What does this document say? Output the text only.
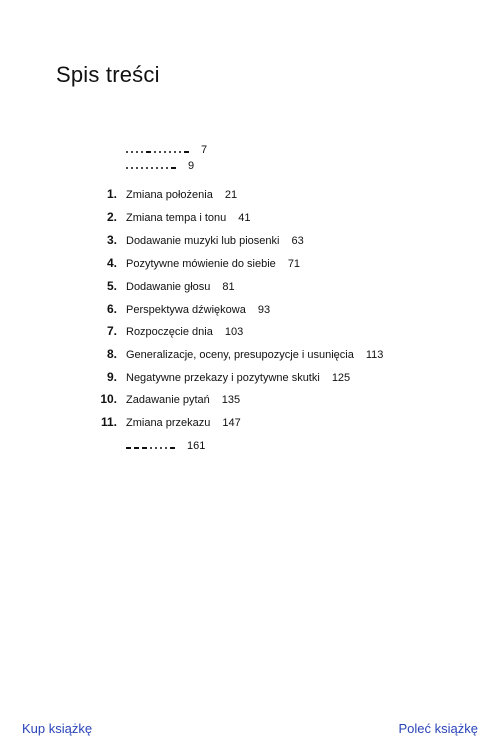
Spis treści
7
9
1. Zmiana położenia 21
2. Zmiana tempa i tonu 41
3. Dodawanie muzyki lub piosenki 63
4. Pozytywne mówienie do siebie 71
5. Dodawanie głosu 81
6. Perspektywa dźwiękowa 93
7. Rozpoczęcie dnia 103
8. Generalizacje, oceny, presupozycje i usunięcia 113
9. Negatywne przekazy i pozytywne skutki 125
10. Zadawanie pytań 135
11. Zmiana przekazu 147
161
Kup książkę	Poleć książkę
